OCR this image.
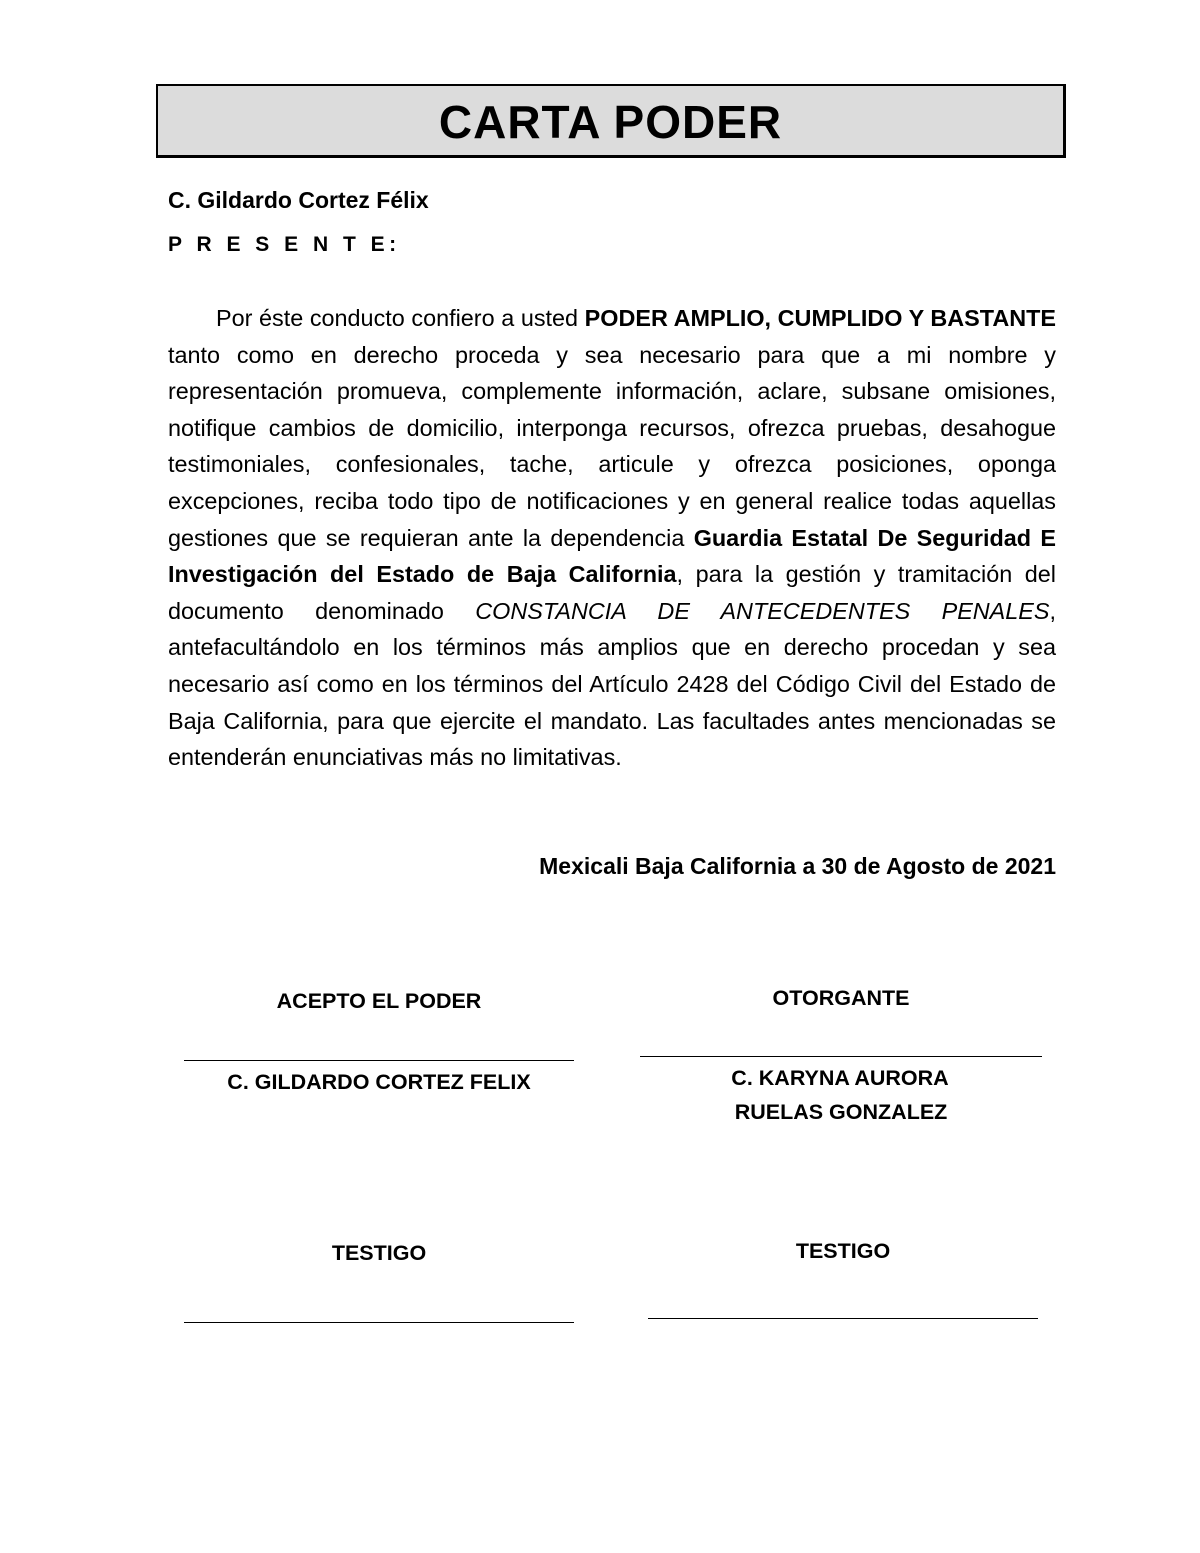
CARTA PODER
C. Gildardo Cortez Félix
P R E S E N T E:

Por éste conducto confiero a usted PODER AMPLIO, CUMPLIDO Y BASTANTE tanto como en derecho proceda y sea necesario para que a mi nombre y representación promueva, complemente información, aclare, subsane omisiones, notifique cambios de domicilio, interponga recursos, ofrezca pruebas, desahogue testimoniales, confesionales, tache, articule y ofrezca posiciones, oponga excepciones, reciba todo tipo de notificaciones y en general realice todas aquellas gestiones que se requieran ante la dependencia Guardia Estatal De Seguridad E Investigación del Estado de Baja California, para la gestión y tramitación del documento denominado CONSTANCIA DE ANTECEDENTES PENALES, antefacultándolo en los términos más amplios que en derecho procedan y sea necesario así como en los términos del Artículo 2428 del Código Civil del Estado de Baja California, para que ejercite el mandato. Las facultades antes mencionadas se entenderán enunciativas más no limitativas.

Mexicali Baja California a 30 de Agosto de 2021
ACEPTO EL PODER
C. GILDARDO CORTEZ FELIX
OTORGANTE
C. KARYNA AURORA
RUELAS GONZALEZ
TESTIGO	TESTIGO
